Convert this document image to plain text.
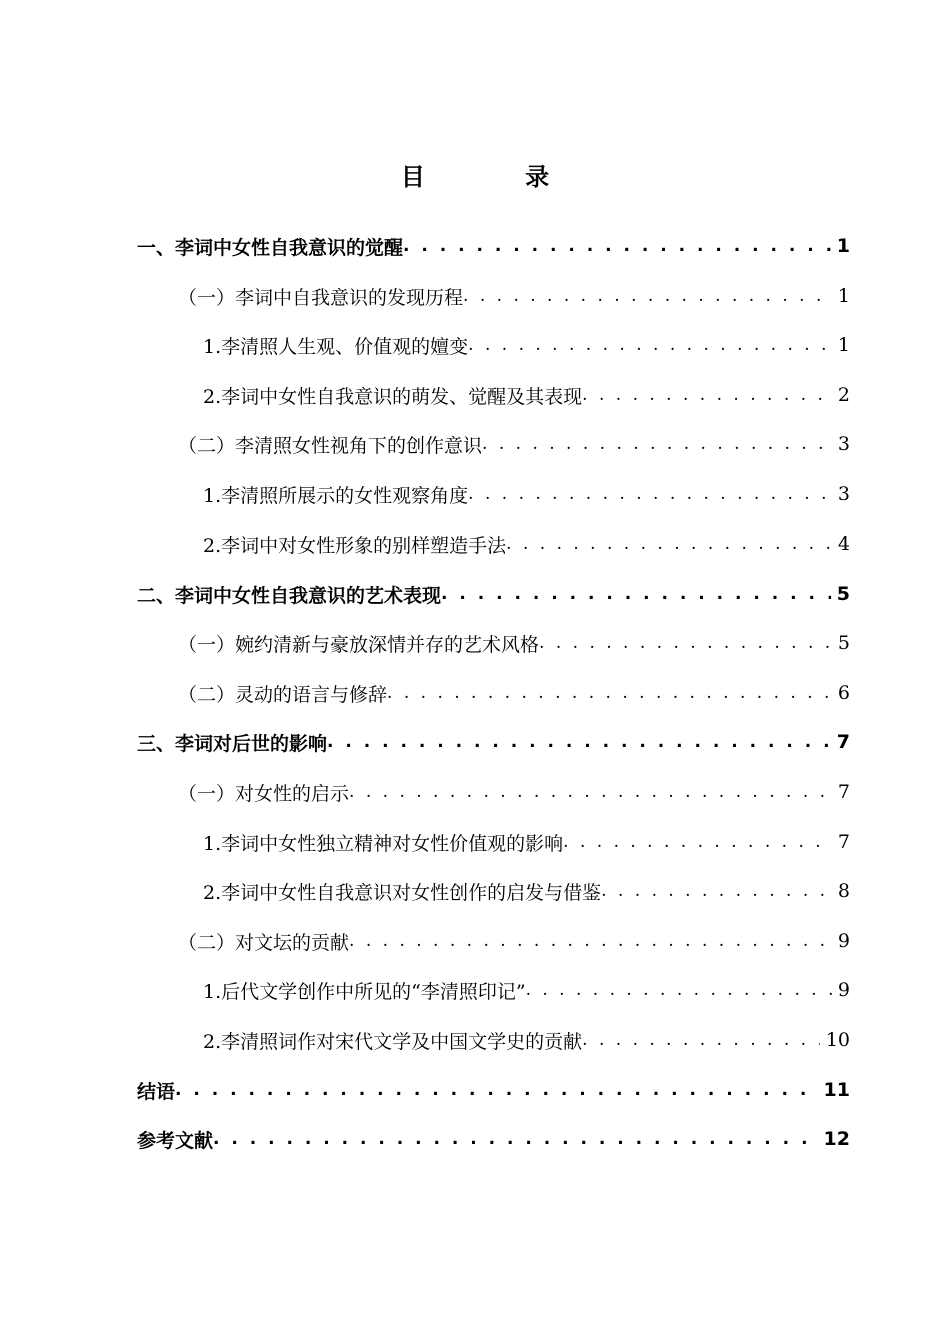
目 录
一、李词中女性自我意识的觉醒 . . .	1
（一）李词中自我意识的发现历程 . . .	1
1.李清照人生观、价值观的嬗变 . . .	1
2.李词中女性自我意识的萌发、觉醒及其表现 . . .	2
（二）李清照女性视角下的创作意识 . . .	3
1.李清照所展示的女性观察角度 . . .	3
2.李词中对女性形象的别样塑造手法 . . .	4
二、李词中女性自我意识的艺术表现 . . .	5
（一）婉约清新与豪放深情并存的艺术风格 . . .	5
（二）灵动的语言与修辞 . . .	6
三、李词对后世的影响 . . .	7
（一）对女性的启示 . . .	7
1.李词中女性独立精神对女性价值观的影响 . . .	7
2.李词中女性自我意识对女性创作的启发与借鉴 . . .	8
（二）对文坛的贡献 . . .	9
1.后代文学创作中所见的“李清照印记” . . .	9
2.李清照词作对宋代文学及中国文学史的贡献 . . .	10
结语 . . .	11
参考文献 . . .	12
